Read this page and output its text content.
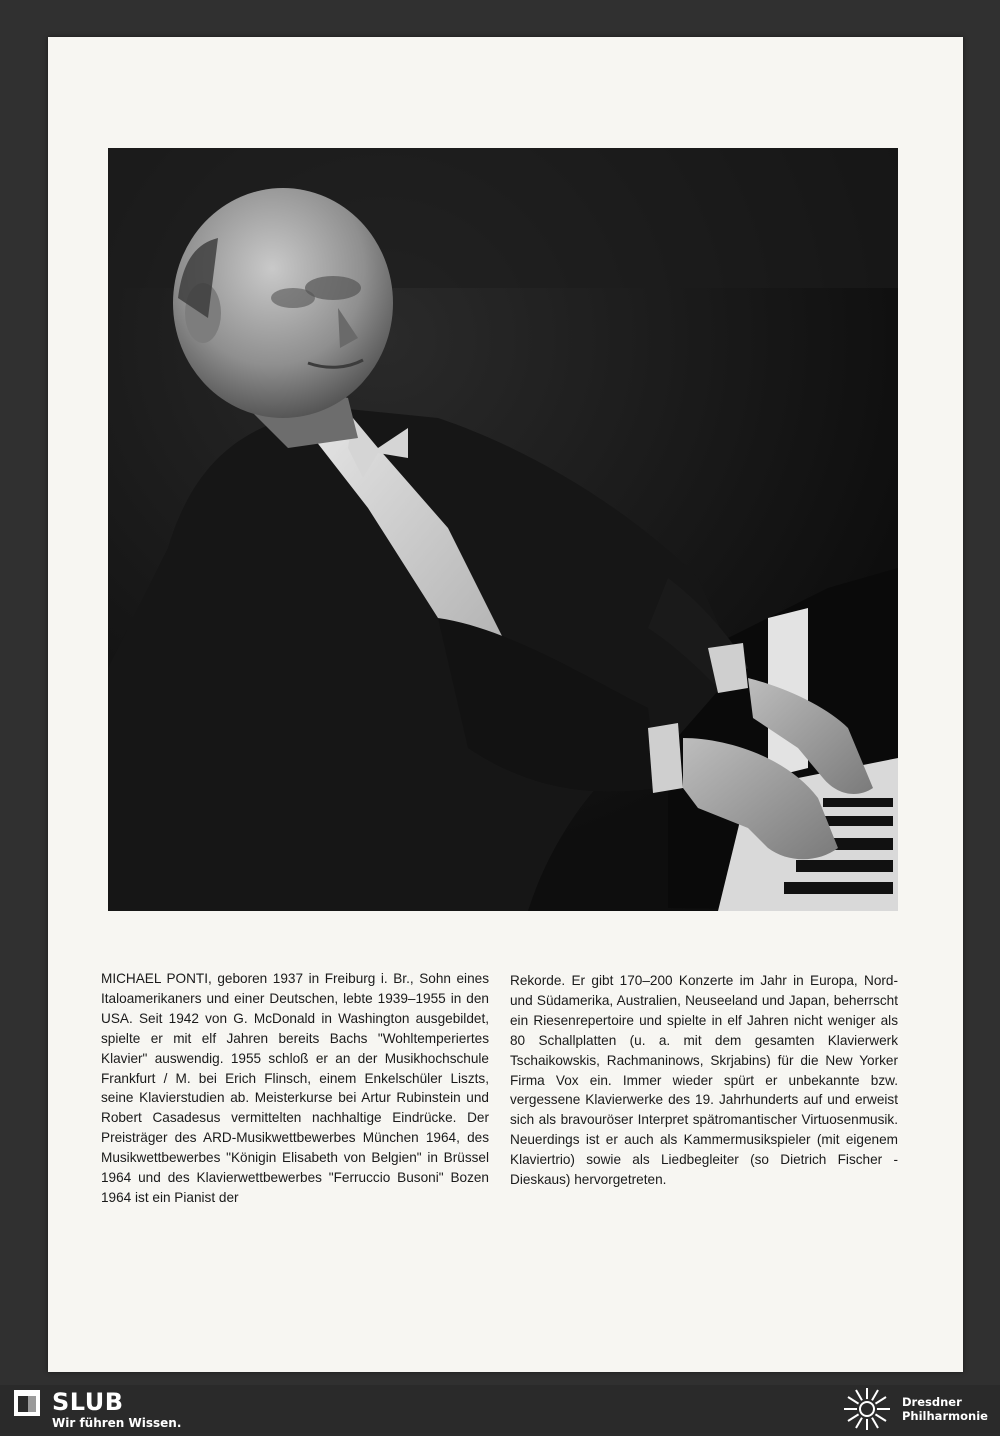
MICHAEL PONTI, geboren 1937 in Freiburg i. Br., Sohn eines Italoamerikaners und einer Deutschen, lebte 1939–1955 in den USA. Seit 1942 von G. McDonald in Washington ausgebildet, spielte er mit elf Jahren bereits Bachs "Wohltemperiertes Klavier" auswendig. 1955 schloß er an der Musikhochschule Frankfurt / M. bei Erich Flinsch, einem Enkelschüler Liszts, seine Klavierstudien ab. Meisterkurse bei Artur Rubinstein und Robert Casadesus vermittelten nachhaltige Eindrücke. Der Preisträger des ARD-Musikwettbewerbes München 1964, des Musikwettbewerbes "Königin Elisabeth von Belgien" in Brüssel 1964 und des Klavierwettbewerbes "Ferruccio Busoni" Bozen 1964 ist ein Pianist der
Rekorde. Er gibt 170–200 Konzerte im Jahr in Europa, Nord- und Südamerika, Australien, Neuseeland und Japan, beherrscht ein Riesenrepertoire und spielte in elf Jahren nicht weniger als 80 Schallplatten (u. a. mit dem gesamten Klavierwerk Tschaikowskis, Rachmaninows, Skrjabins) für die New Yorker Firma Vox ein. Immer wieder spürt er unbekannte bzw. vergessene Klavierwerke des 19. Jahrhunderts auf und erweist sich als bravouröser Interpret spätromantischer Virtuosenmusik. Neuerdings ist er auch als Kammermusikspieler (mit eigenem Klaviertrio) sowie als Liedbegleiter (so Dietrich Fischer -Dieskaus) hervorgetreten.
SLUB
Wir führen Wissen.
Dresdner
Philharmonie
